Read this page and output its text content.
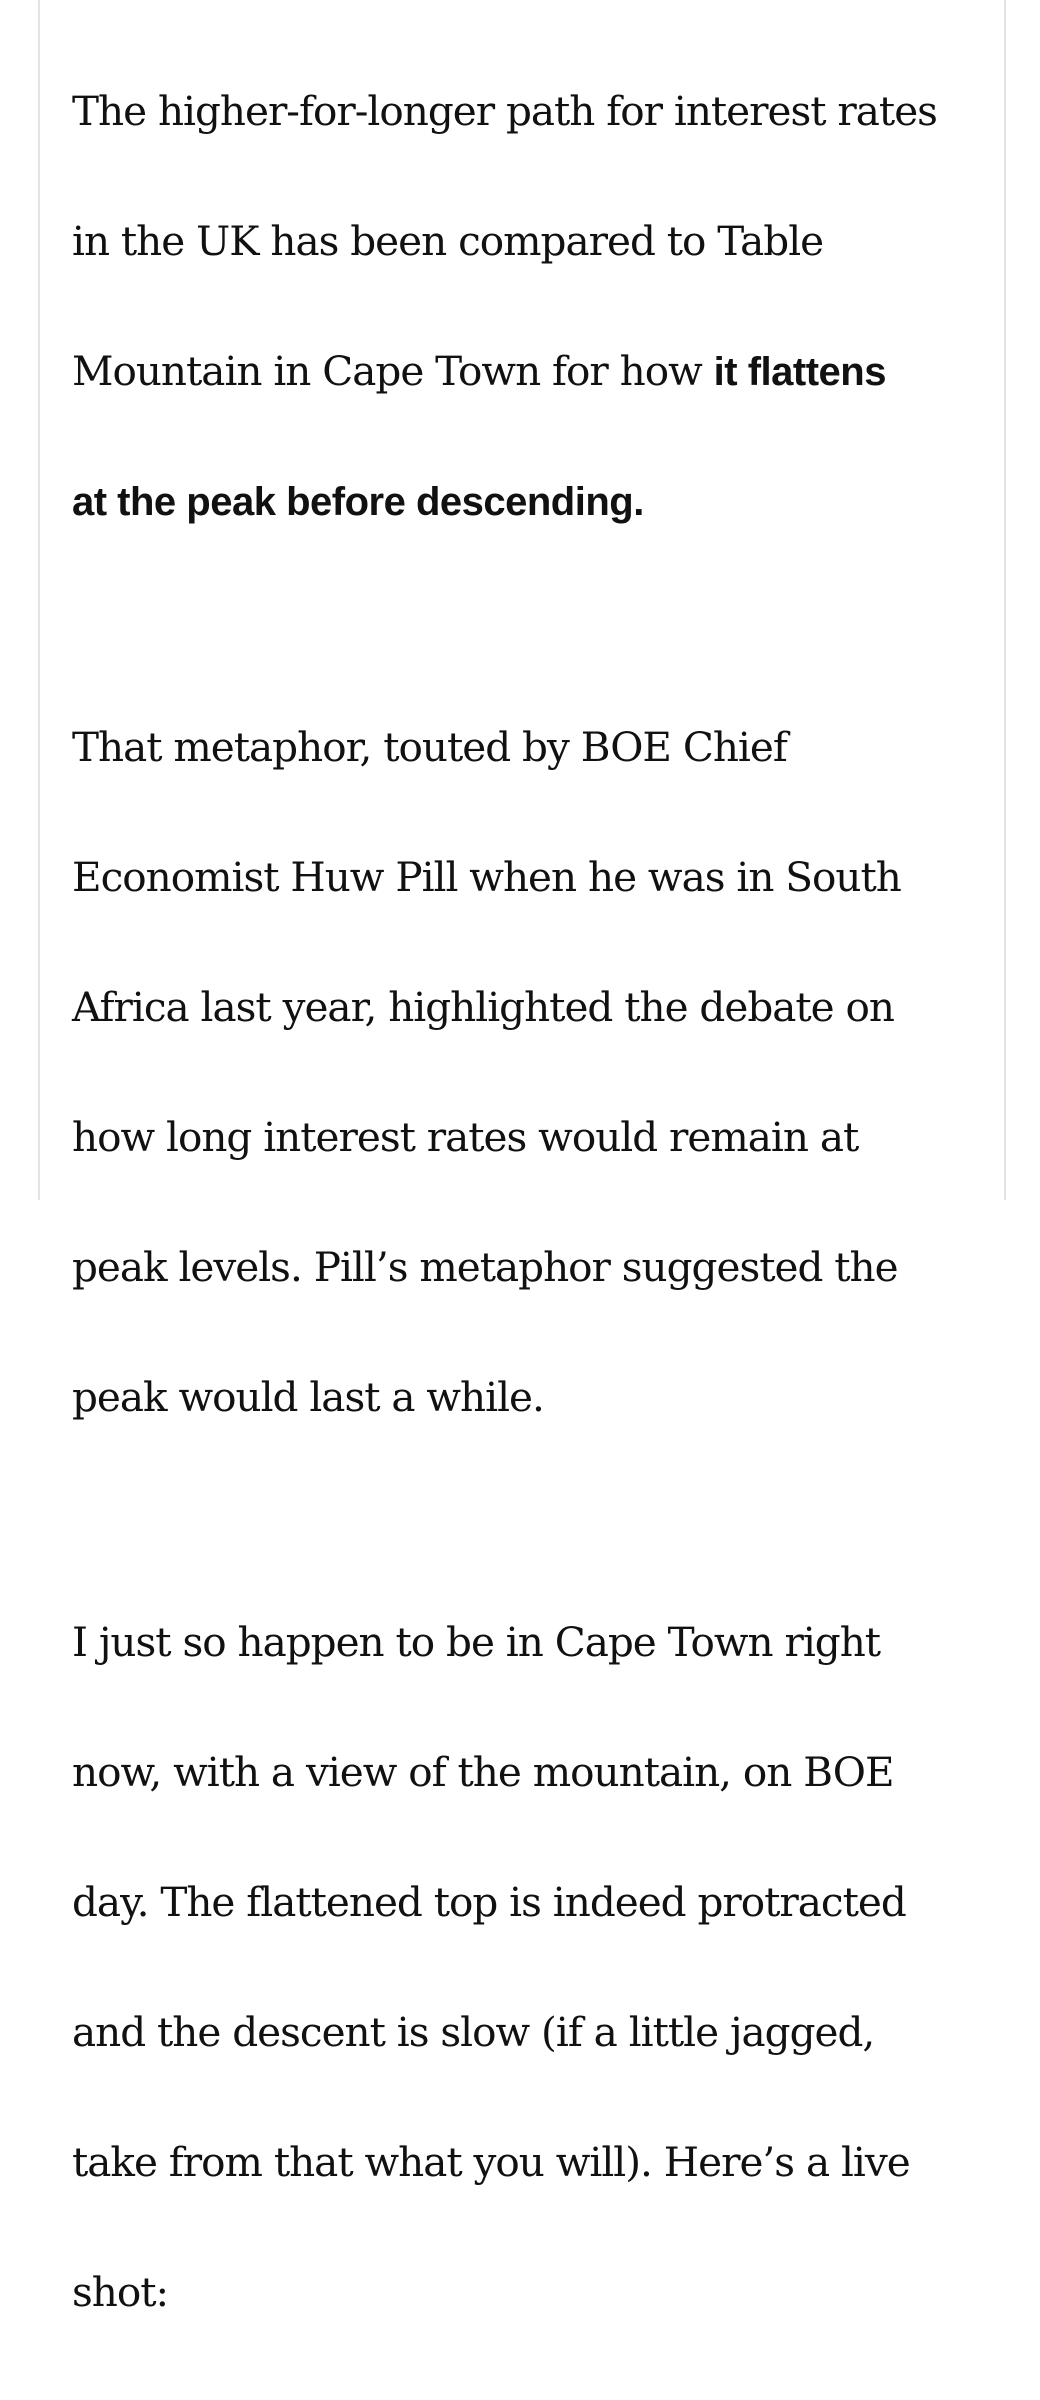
The higher-for-longer path for interest rates

in the UK has been compared to Table

Mountain in Cape Town for how it flattens

at the peak before descending.

That metaphor, touted by BOE Chief

Economist Huw Pill when he was in South

Africa last year, highlighted the debate on

how long interest rates would remain at

peak levels. Pill’s metaphor suggested the

peak would last a while.

I just so happen to be in Cape Town right

now, with a view of the mountain, on BOE

day. The flattened top is indeed protracted

and the descent is slow (if a little jagged,

take from that what you will). Here’s a live

shot:
